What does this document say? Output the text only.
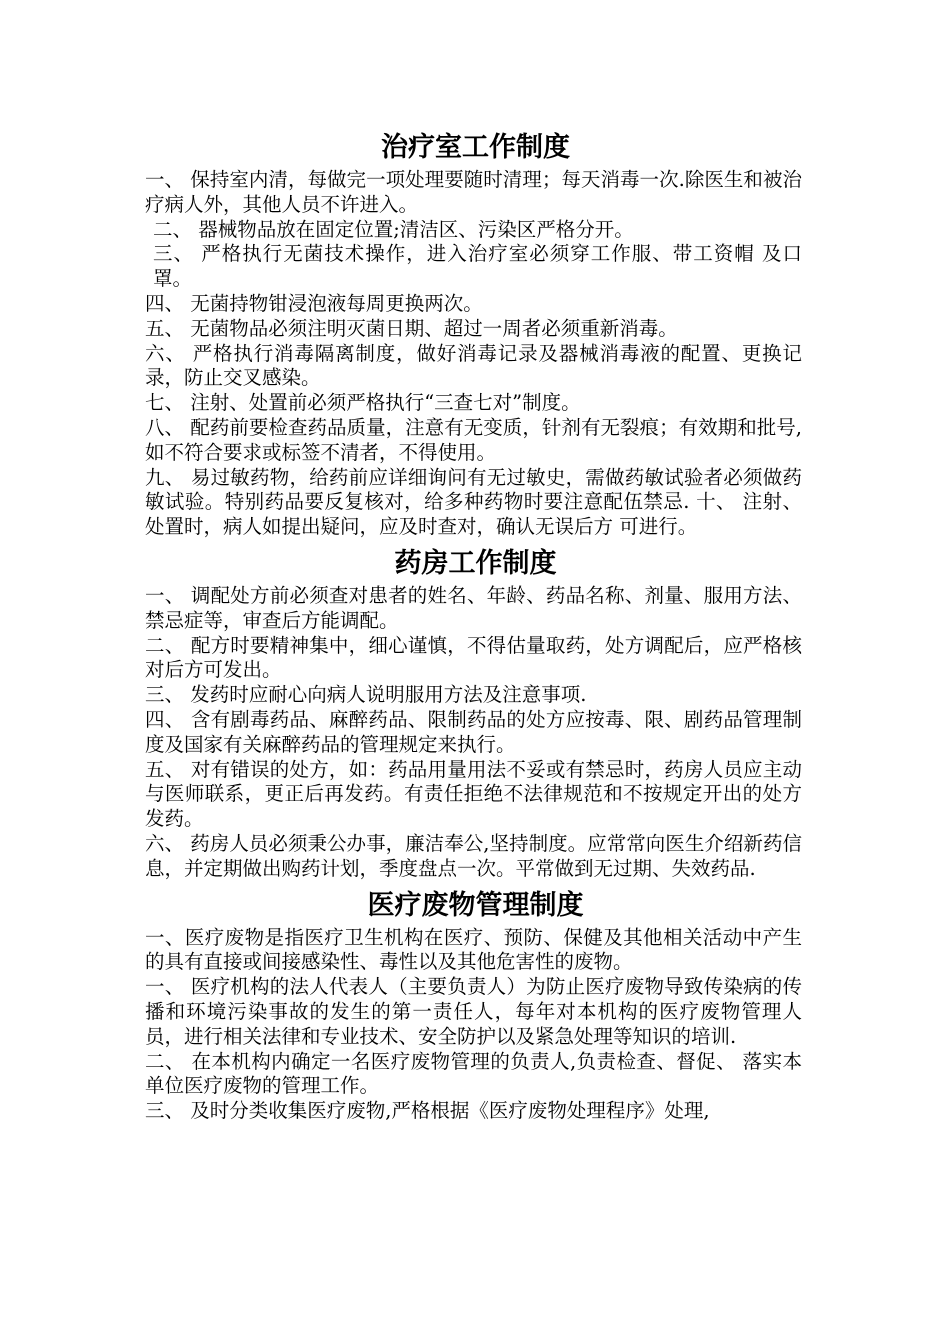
治疗室工作制度

一、 保持室内清，每做完一项处理要随时清理；每天消毒一次.除医生和被治疗病人外，其他人员不许进入。

二、 器械物品放在固定位置;清洁区、污染区严格分开。

三、 严格执行无菌技术操作，进入治疗室必须穿工作服、带工资帽 及口罩。

四、 无菌持物钳浸泡液每周更换两次。

五、 无菌物品必须注明灭菌日期、超过一周者必须重新消毒。

六、 严格执行消毒隔离制度，做好消毒记录及器械消毒液的配置、更换记录，防止交叉感染。

七、 注射、处置前必须严格执行“三查七对”制度。

八、 配药前要检查药品质量，注意有无变质，针剂有无裂痕；有效期和批号,如不符合要求或标签不清者，不得使用。

九、 易过敏药物，给药前应详细询问有无过敏史，需做药敏试验者必须做药敏试验。特别药品要反复核对，给多种药物时要注意配伍禁忌. 十、 注射、处置时，病人如提出疑问，应及时查对，确认无误后方 可进行。

药房工作制度

一、 调配处方前必须查对患者的姓名、年龄、药品名称、剂量、服用方法、禁忌症等，审查后方能调配。

二、 配方时要精神集中，细心谨慎，不得估量取药，处方调配后，应严格核对后方可发出。

三、 发药时应耐心向病人说明服用方法及注意事项.

四、 含有剧毒药品、麻醉药品、限制药品的处方应按毒、限、剧药品管理制度及国家有关麻醉药品的管理规定来执行。

五、 对有错误的处方，如：药品用量用法不妥或有禁忌时，药房人员应主动与医师联系，更正后再发药。有责任拒绝不法律规范和不按规定开出的处方发药。

六、 药房人员必须秉公办事，廉洁奉公,坚持制度。应常常向医生介绍新药信息，并定期做出购药计划，季度盘点一次。平常做到无过期、失效药品.

医疗废物管理制度

一、医疗废物是指医疗卫生机构在医疗、预防、保健及其他相关活动中产生的具有直接或间接感染性、毒性以及其他危害性的废物。

一、 医疗机构的法人代表人（主要负责人）为防止医疗废物导致传染病的传播和环境污染事故的发生的第一责任人，每年对本机构的医疗废物管理人员，进行相关法律和专业技术、安全防护以及紧急处理等知识的培训.

二、 在本机构内确定一名医疗废物管理的负责人,负责检查、督促、 落实本单位医疗废物的管理工作。

三、 及时分类收集医疗废物,严格根据《医疗废物处理程序》处理,
